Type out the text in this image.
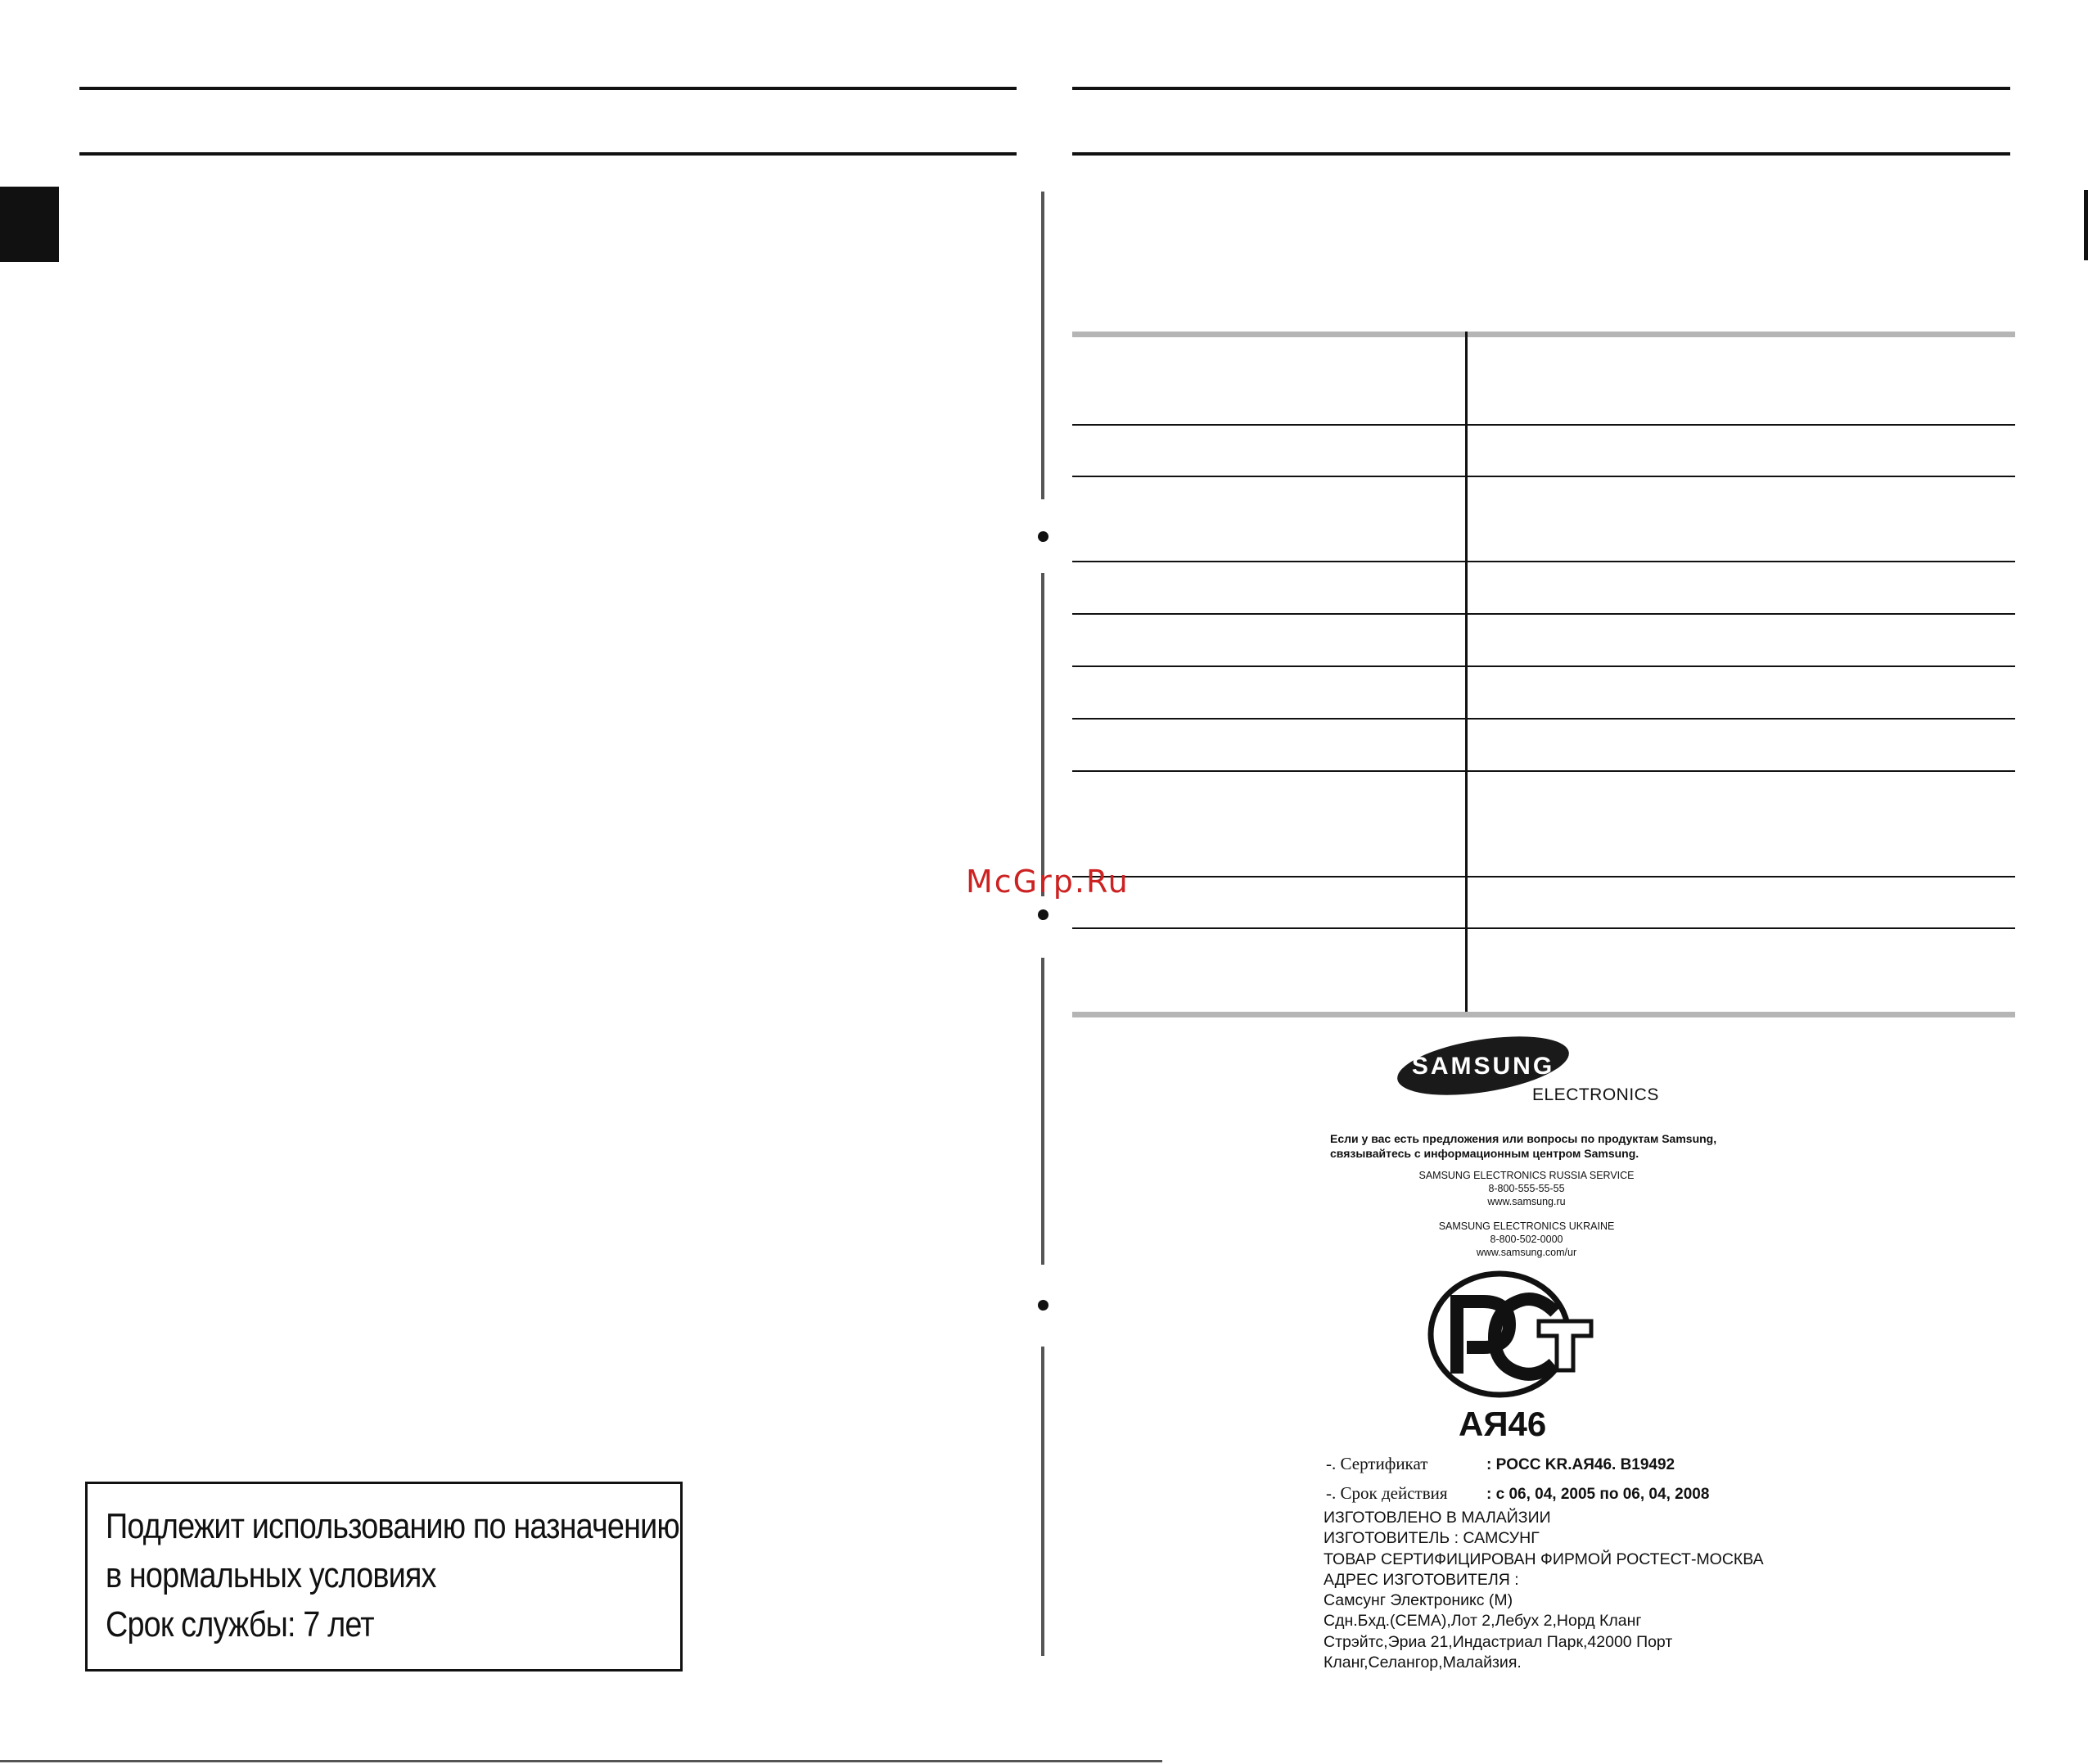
McGrp.Ru
Подлежит использованию по назначению
в нормальных условиях
Срок службы: 7 лет
SAMSUNG
ELECTRONICS
Если у вас есть предложения или вопросы по продуктам Samsung,
связывайтесь с информационным центром Samsung.
SAMSUNG ELECTRONICS RUSSIA SERVICE
8-800-555-55-55
www.samsung.ru
SAMSUNG ELECTRONICS UKRAINE
8-800-502-0000
www.samsung.com/ur
AЯ46
-. Сертификат	: POCC KR.AЯ46. B19492
-. Срок действия : c 06, 04, 2005 по 06, 04, 2008
ИЗГОТОВЛЕНО В МАЛАЙЗИИ
ИЗГОТОВИТЕЛЬ : САМСУНГ
ТОВАР СЕРТИФИЦИРОВАН ФИРМОЙ РОСТЕСТ-МОСКВА
АДРЕС ИЗГОТОВИТЕЛЯ :
Самсунг Электроникс (М)
Сдн.Бхд.(СЕМА),Лот 2,Лебух 2,Норд Кланг
Стрэйтс,Эриа 21,Индастриал Парк,42000 Порт
Кланг,Селангор,Малайзия.
